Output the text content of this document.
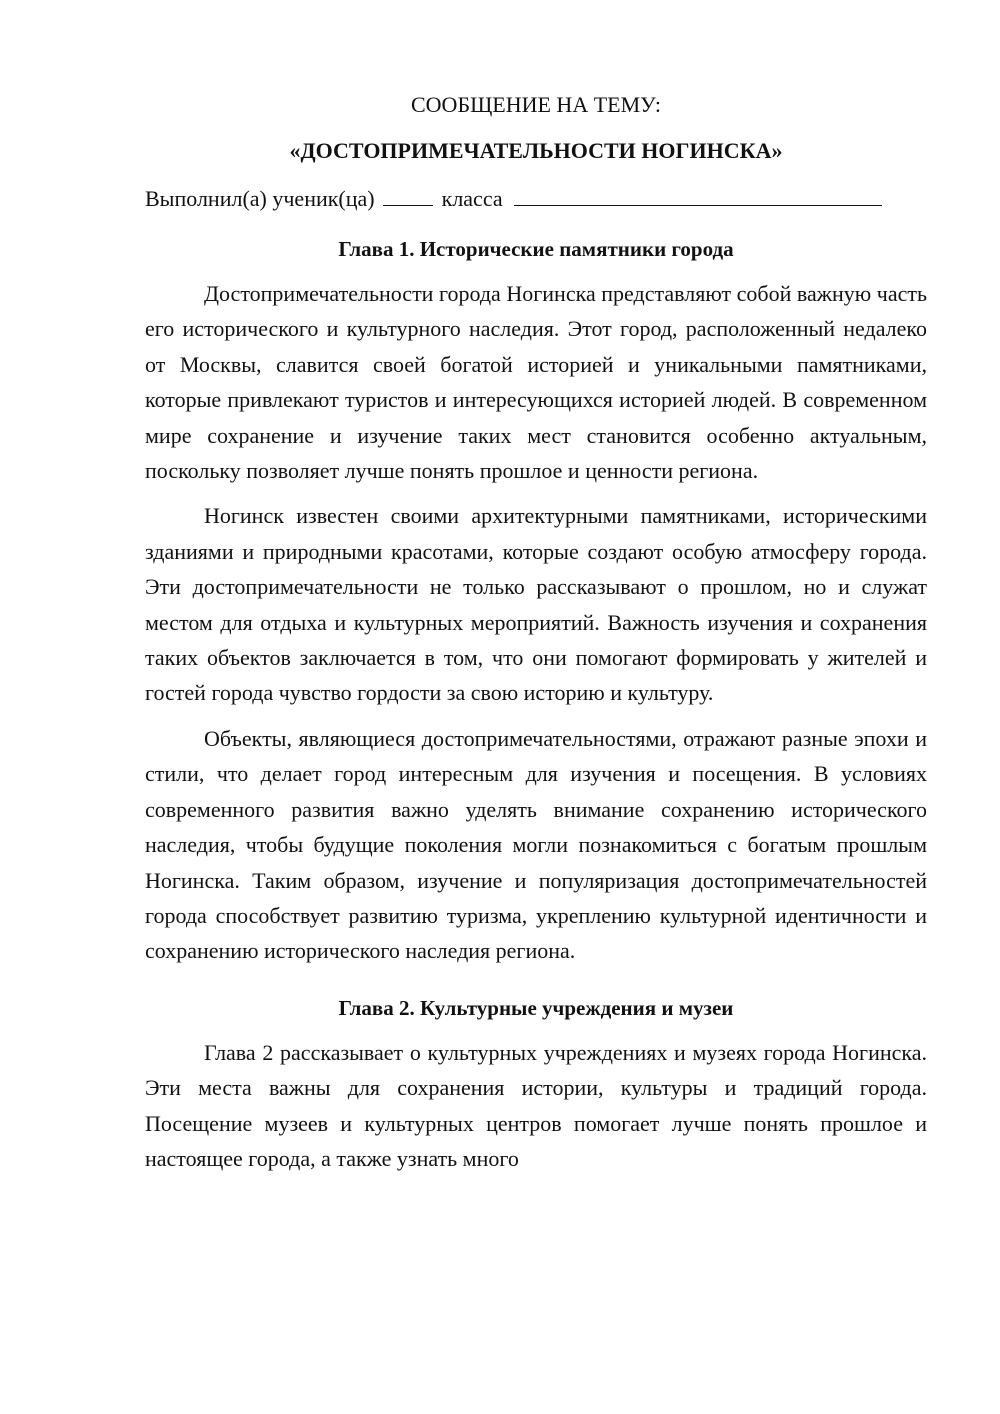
СООБЩЕНИЕ НА ТЕМУ:

«ДОСТОПРИМЕЧАТЕЛЬНОСТИ НОГИНСКА»

Выполнил(а) ученик(ца)	класса
Глава 1. Исторические памятники города

Достопримечательности города Ногинска представляют собой важную часть его исторического и культурного наследия. Этот город, расположенный недалеко от Москвы, славится своей богатой историей и уникальными памятниками, которые привлекают туристов и интересующихся историей людей. В современном мире сохранение и изучение таких мест становится особенно актуальным, поскольку позволяет лучше понять прошлое и ценности региона.

Ногинск известен своими архитектурными памятниками, историческими зданиями и природными красотами, которые создают особую атмосферу города. Эти достопримечательности не только рассказывают о прошлом, но и служат местом для отдыха и культурных мероприятий. Важность изучения и сохранения таких объектов заключается в том, что они помогают формировать у жителей и гостей города чувство гордости за свою историю и культуру.

Объекты, являющиеся достопримечательностями, отражают разные эпохи и стили, что делает город интересным для изучения и посещения. В условиях современного развития важно уделять внимание сохранению исторического наследия, чтобы будущие поколения могли познакомиться с богатым прошлым Ногинска. Таким образом, изучение и популяризация достопримечательностей города способствует развитию туризма, укреплению культурной идентичности и сохранению исторического наследия региона.

Глава 2. Культурные учреждения и музеи

Глава 2 рассказывает о культурных учреждениях и музеях города Ногинска. Эти места важны для сохранения истории, культуры и традиций города. Посещение музеев и культурных центров помогает лучше понять прошлое и настоящее города, а также узнать много
